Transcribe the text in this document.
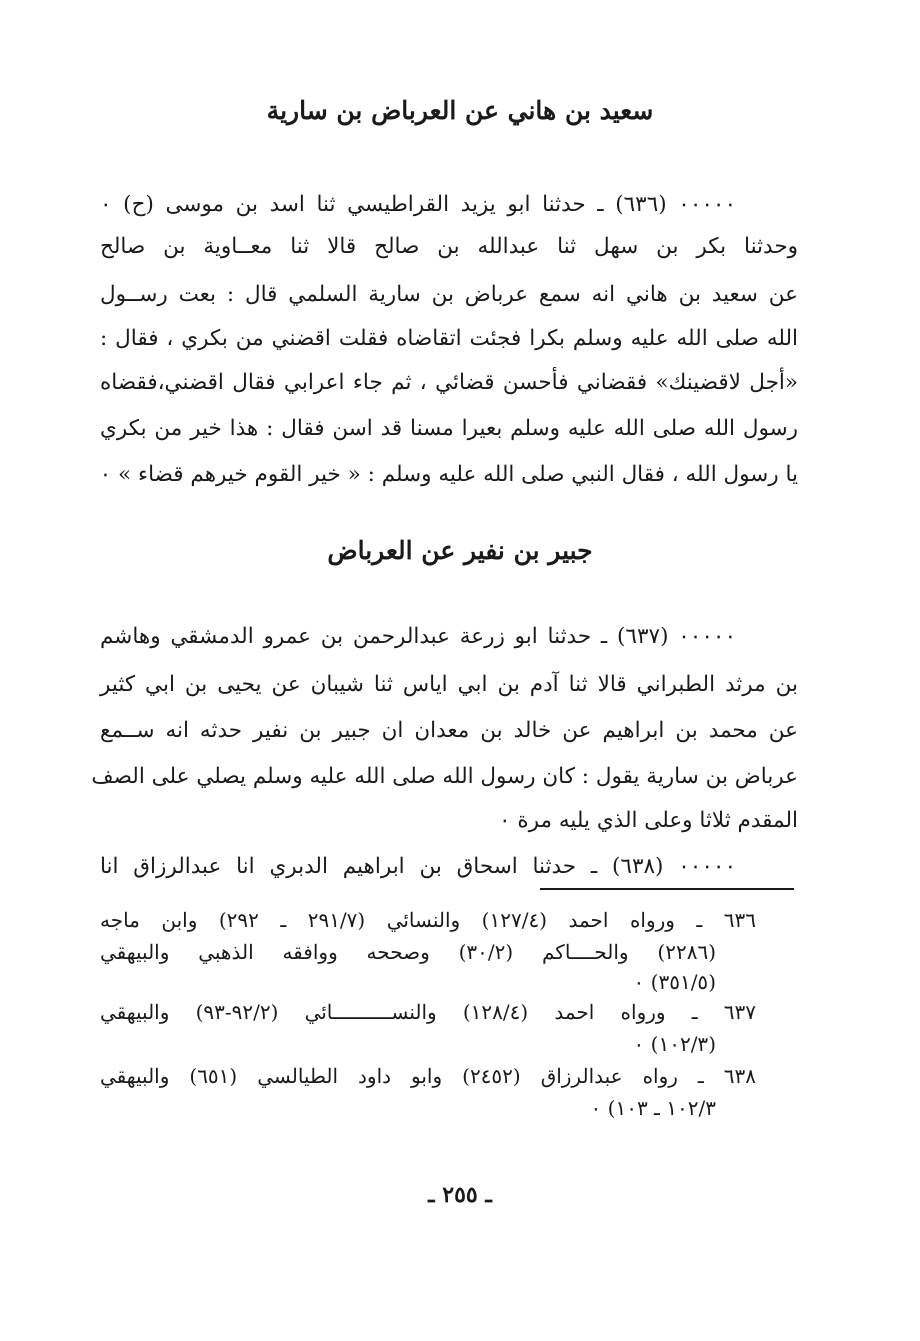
سعيد بن هاني عن العرباض بن سارية
٠٠٠٠٠ (٦٣٦) ـ حدثنا ابو يزيد القراطيسي ثنا اسد بن موسى (ح) ٠
وحدثنا بكر بن سهل ثنا عبدالله بن صالح قالا ثنا معــاوية بن صالح
عن سعيد بن هاني انه سمع عرباض بن سارية السلمي قال : بعت رســول
الله صلى الله عليه وسلم بكرا فجئت اتقاضاه فقلت اقضني من بكري ، فقال :
«أجل لاقضينك» فقضاني فأحسن قضائي ، ثم جاء اعرابي فقال اقضني،فقضاه
رسول الله صلى الله عليه وسلم بعيرا مسنا قد اسن فقال : هذا خير من بكري
يا رسول الله ، فقال النبي صلى الله عليه وسلم : « خير القوم خيرهم قضاء » ٠
جبير بن نفير عن العرباض
٠٠٠٠٠ (٦٣٧) ـ حدثنا ابو زرعة عبدالرحمن بن عمرو الدمشقي وهاشم
بن مرثد الطبراني قالا ثنا آدم بن ابي اياس ثنا شيبان عن يحيى بن ابي كثير
عن محمد بن ابراهيم عن خالد بن معدان ان جبير بن نفير حدثه انه ســمع
عرباض بن سارية يقول : كان رسول الله صلى الله عليه وسلم يصلي على الصف
المقدم ثلاثا وعلى الذي يليه مرة ٠
٠٠٠٠٠ (٦٣٨) ـ حدثنا اسحاق بن ابراهيم الدبري انا عبدالرزاق انا
٦٣٦ ـ ورواه احمد (١٢٧/٤) والنسائي (٢٩١/٧ ـ ٢٩٢) وابن ماجه
(٢٢٨٦) والحــــاكم (٣٠/٢) وصححه ووافقه الذهبي والبيهقي
(٣٥١/٥) ٠
٦٣٧ ـ ورواه احمد (١٢٨/٤) والنســــــــــائي (٩٢/٢-٩٣) والبيهقي
(١٠٢/٣) ٠
٦٣٨ ـ رواه عبدالرزاق (٢٤٥٢) وابو داود الطيالسي (٦٥١) والبيهقي
١٠٢/٣ ـ ١٠٣) ٠
ـ ٢٥٥ ـ
